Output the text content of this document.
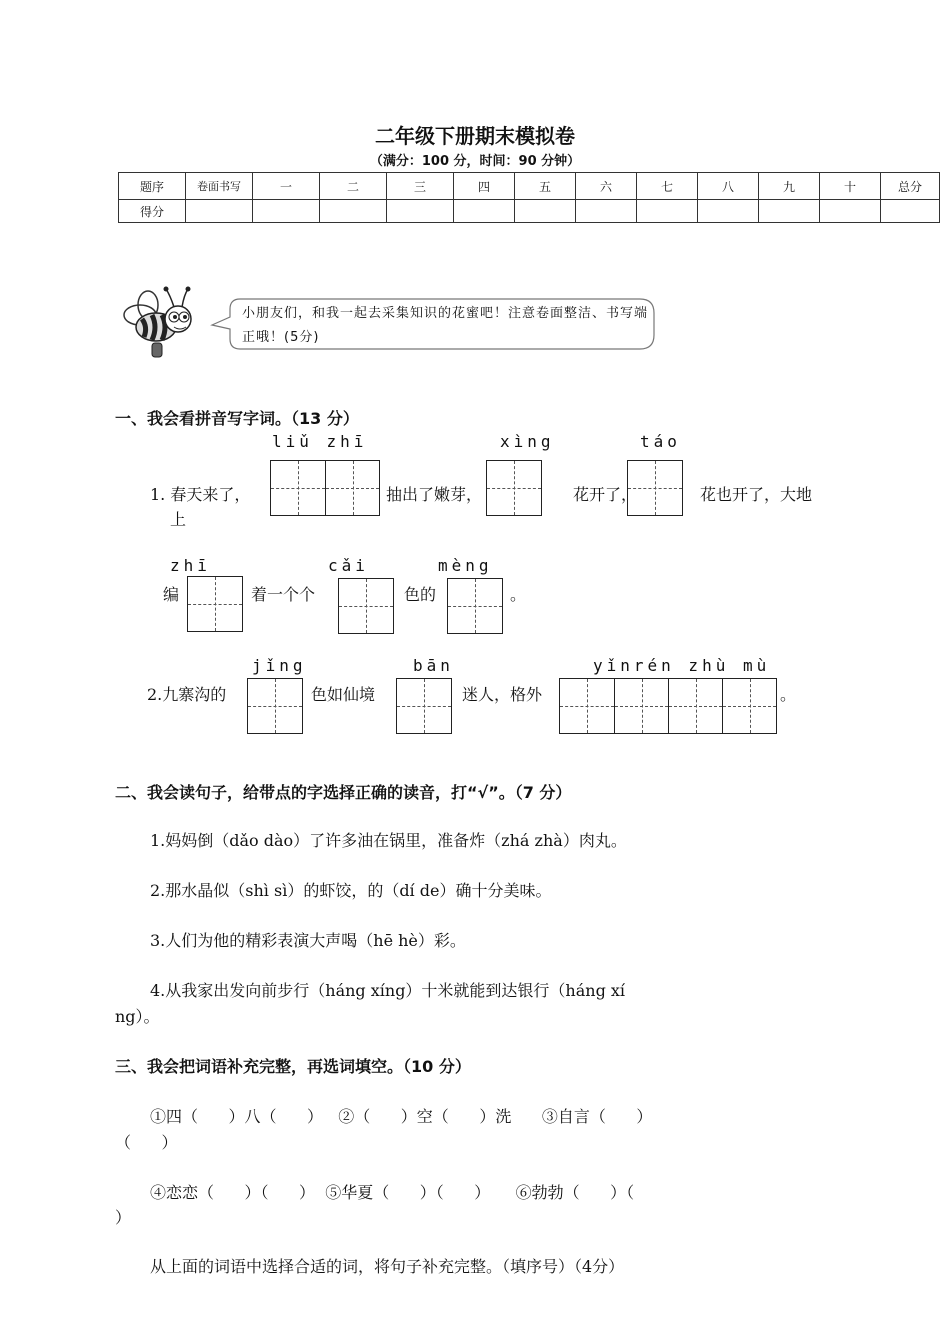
二年级下册期末模拟卷
（满分：100 分，时间：90 分钟）
题序	卷面书写	一	二	三	四	五	六	七	八	九	十	总分
得分												
小朋友们，和我一起去采集知识的花蜜吧！注意卷面整洁、书写端正哦！(5分)
一、我会看拼音写字词。（13 分）
liǔ zhī	xìng	táo
1. 春天来了，	抽出了嫩芽，	花开了，	花也开了，大地
上
zhī	cǎi	mèng
编	着一个个	色的	。
jǐng	bān	yǐnrén zhù mù
2.九寨沟的	色如仙境	迷人，格外	。
二、我会读句子，给带点的字选择正确的读音，打“√”。（7 分）
1.妈妈倒（dǎo dào）了许多油在锅里，准备炸（zhá zhà）肉丸。
2.那水晶似（shì sì）的虾饺，的（dí de）确十分美味。
3.人们为他的精彩表演大声喝（hē hè）彩。
4.从我家出发向前步行（háng xíng）十米就能到达银行（háng xí
ng）。
三、我会把词语补充完整，再选词填空。（10 分）
①四（      ）八（      ）   ②（      ）空（      ）洗      ③自言（      ）
（      ）
④恋恋（      ）（      ）  ⑤华夏（      ）（      ）     ⑥勃勃（      ）（
）
从上面的词语中选择合适的词，将句子补充完整。（填序号）（4分）
